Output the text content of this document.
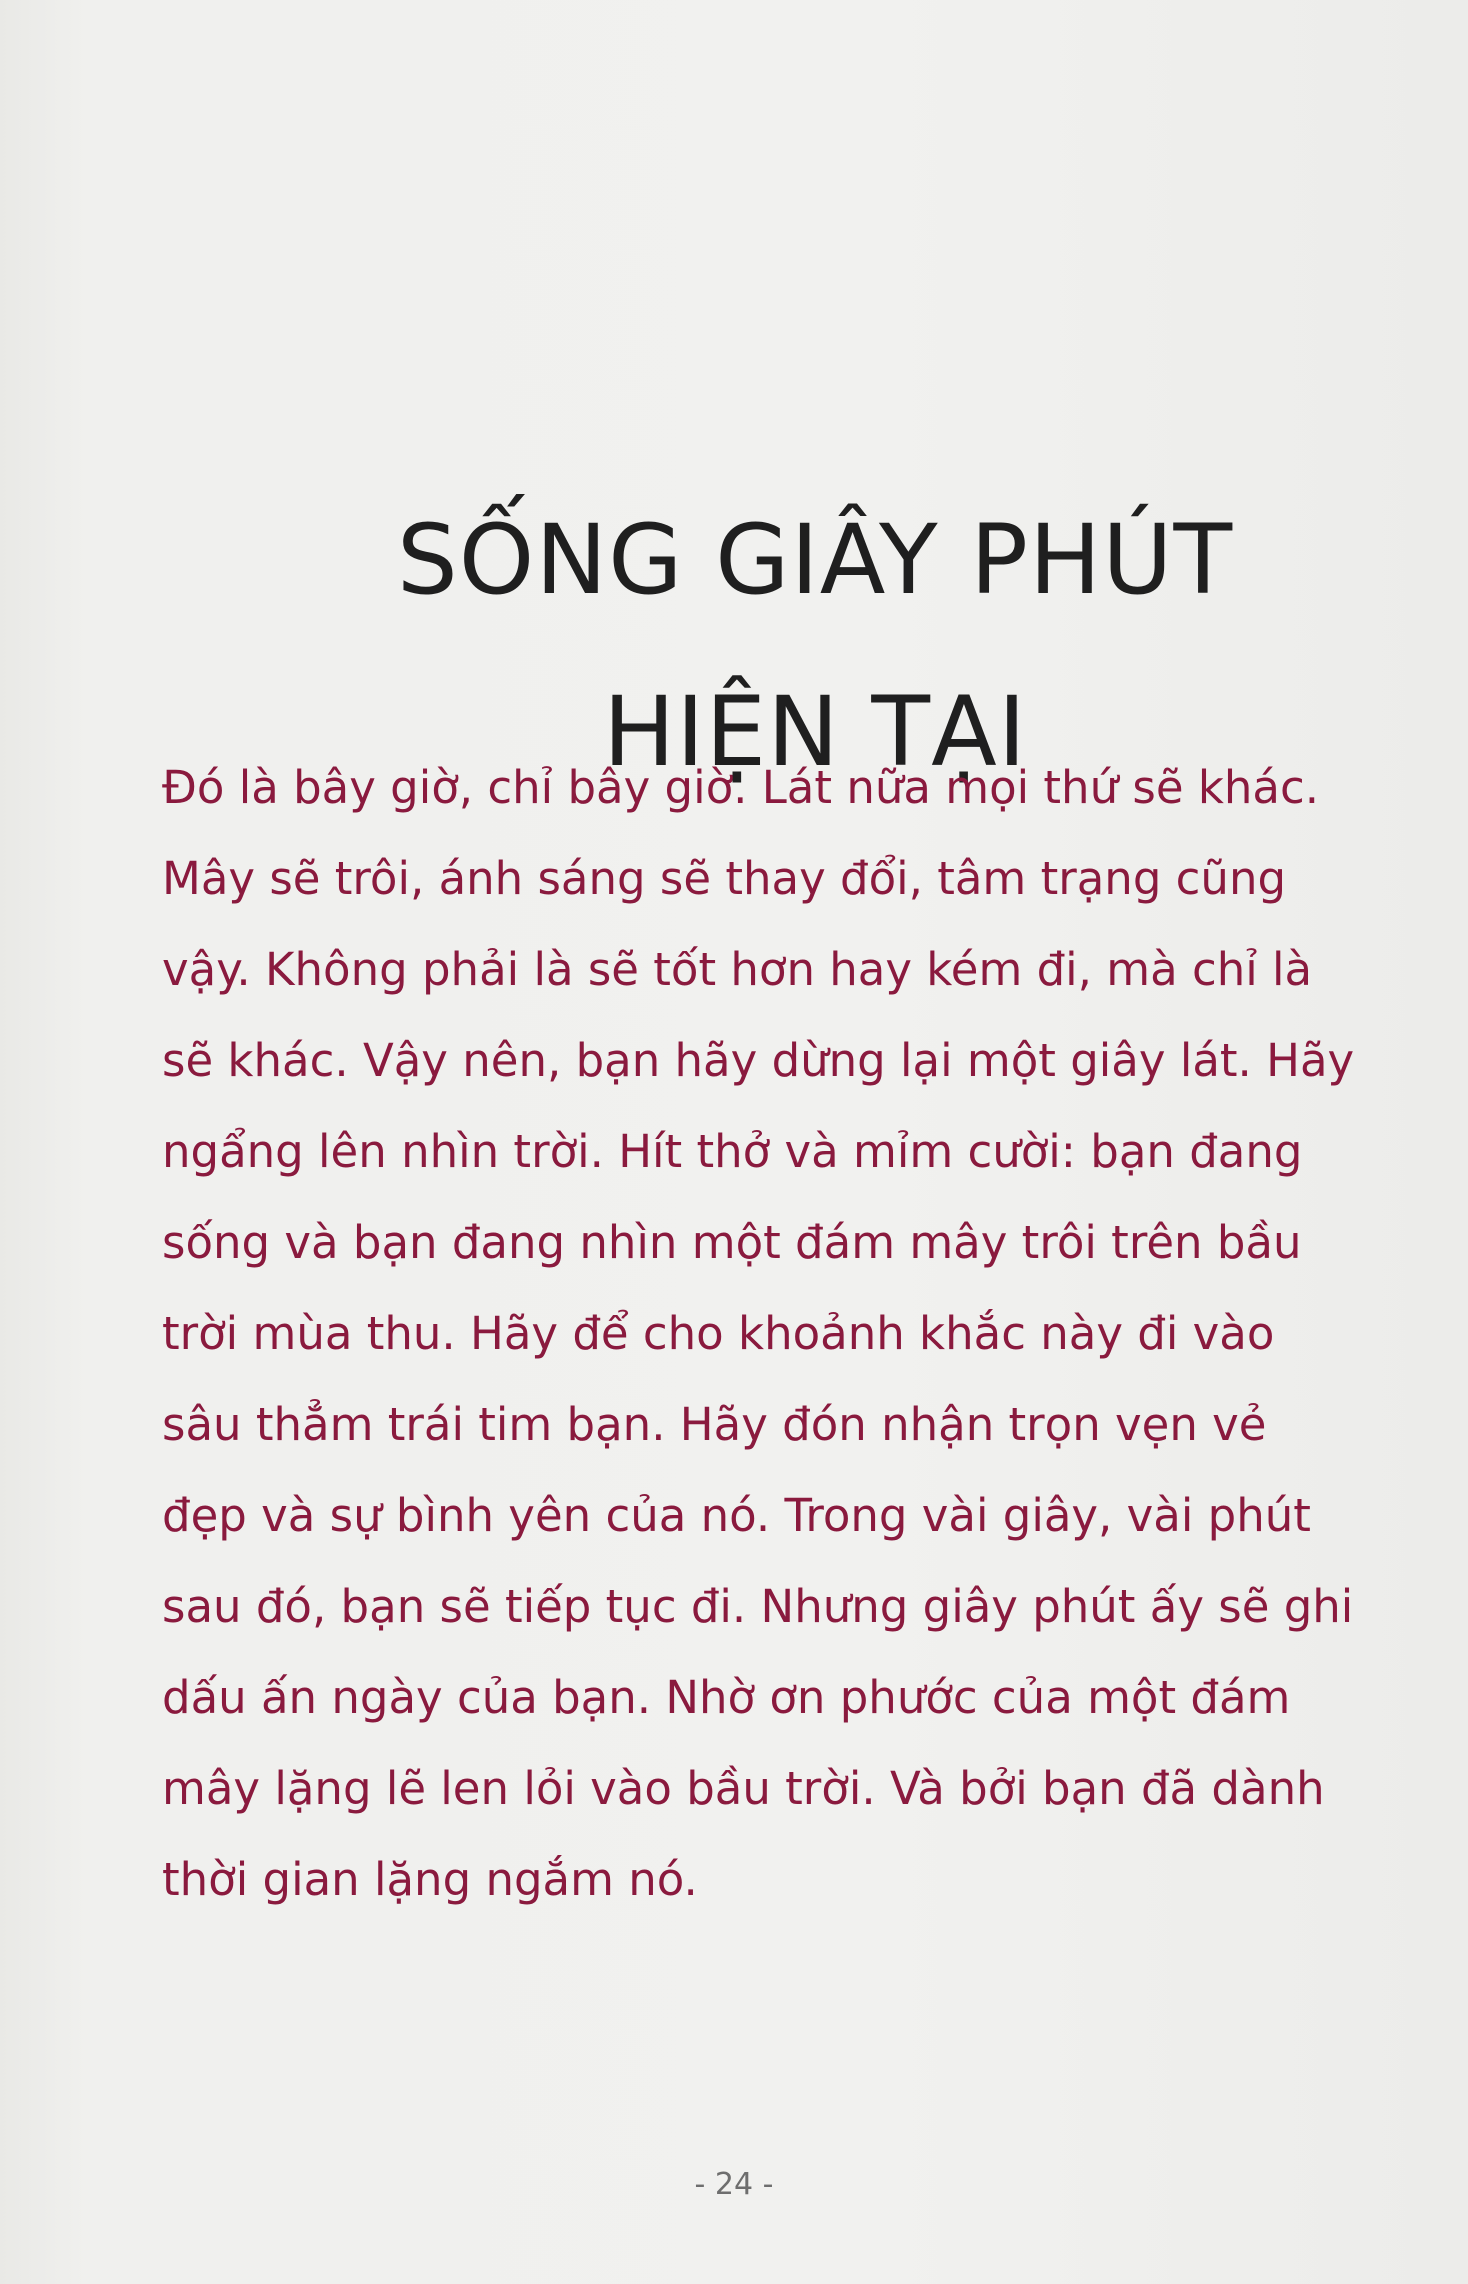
SỐNG GIÂY PHÚT
HIỆN TẠI

Đó là bây giờ, chỉ bây giờ. Lát nữa mọi thứ sẽ khác.
Mây sẽ trôi, ánh sáng sẽ thay đổi, tâm trạng cũng
vậy. Không phải là sẽ tốt hơn hay kém đi, mà chỉ là
sẽ khác. Vậy nên, bạn hãy dừng lại một giây lát. Hãy
ngẩng lên nhìn trời. Hít thở và mỉm cười: bạn đang
sống và bạn đang nhìn một đám mây trôi trên bầu
trời mùa thu. Hãy để cho khoảnh khắc này đi vào
sâu thẳm trái tim bạn. Hãy đón nhận trọn vẹn vẻ
đẹp và sự bình yên của nó. Trong vài giây, vài phút
sau đó, bạn sẽ tiếp tục đi. Nhưng giây phút ấy sẽ ghi
dấu ấn ngày của bạn. Nhờ ơn phước của một đám
mây lặng lẽ len lỏi vào bầu trời. Và bởi bạn đã dành
thời gian lặng ngắm nó.

- 24 -
